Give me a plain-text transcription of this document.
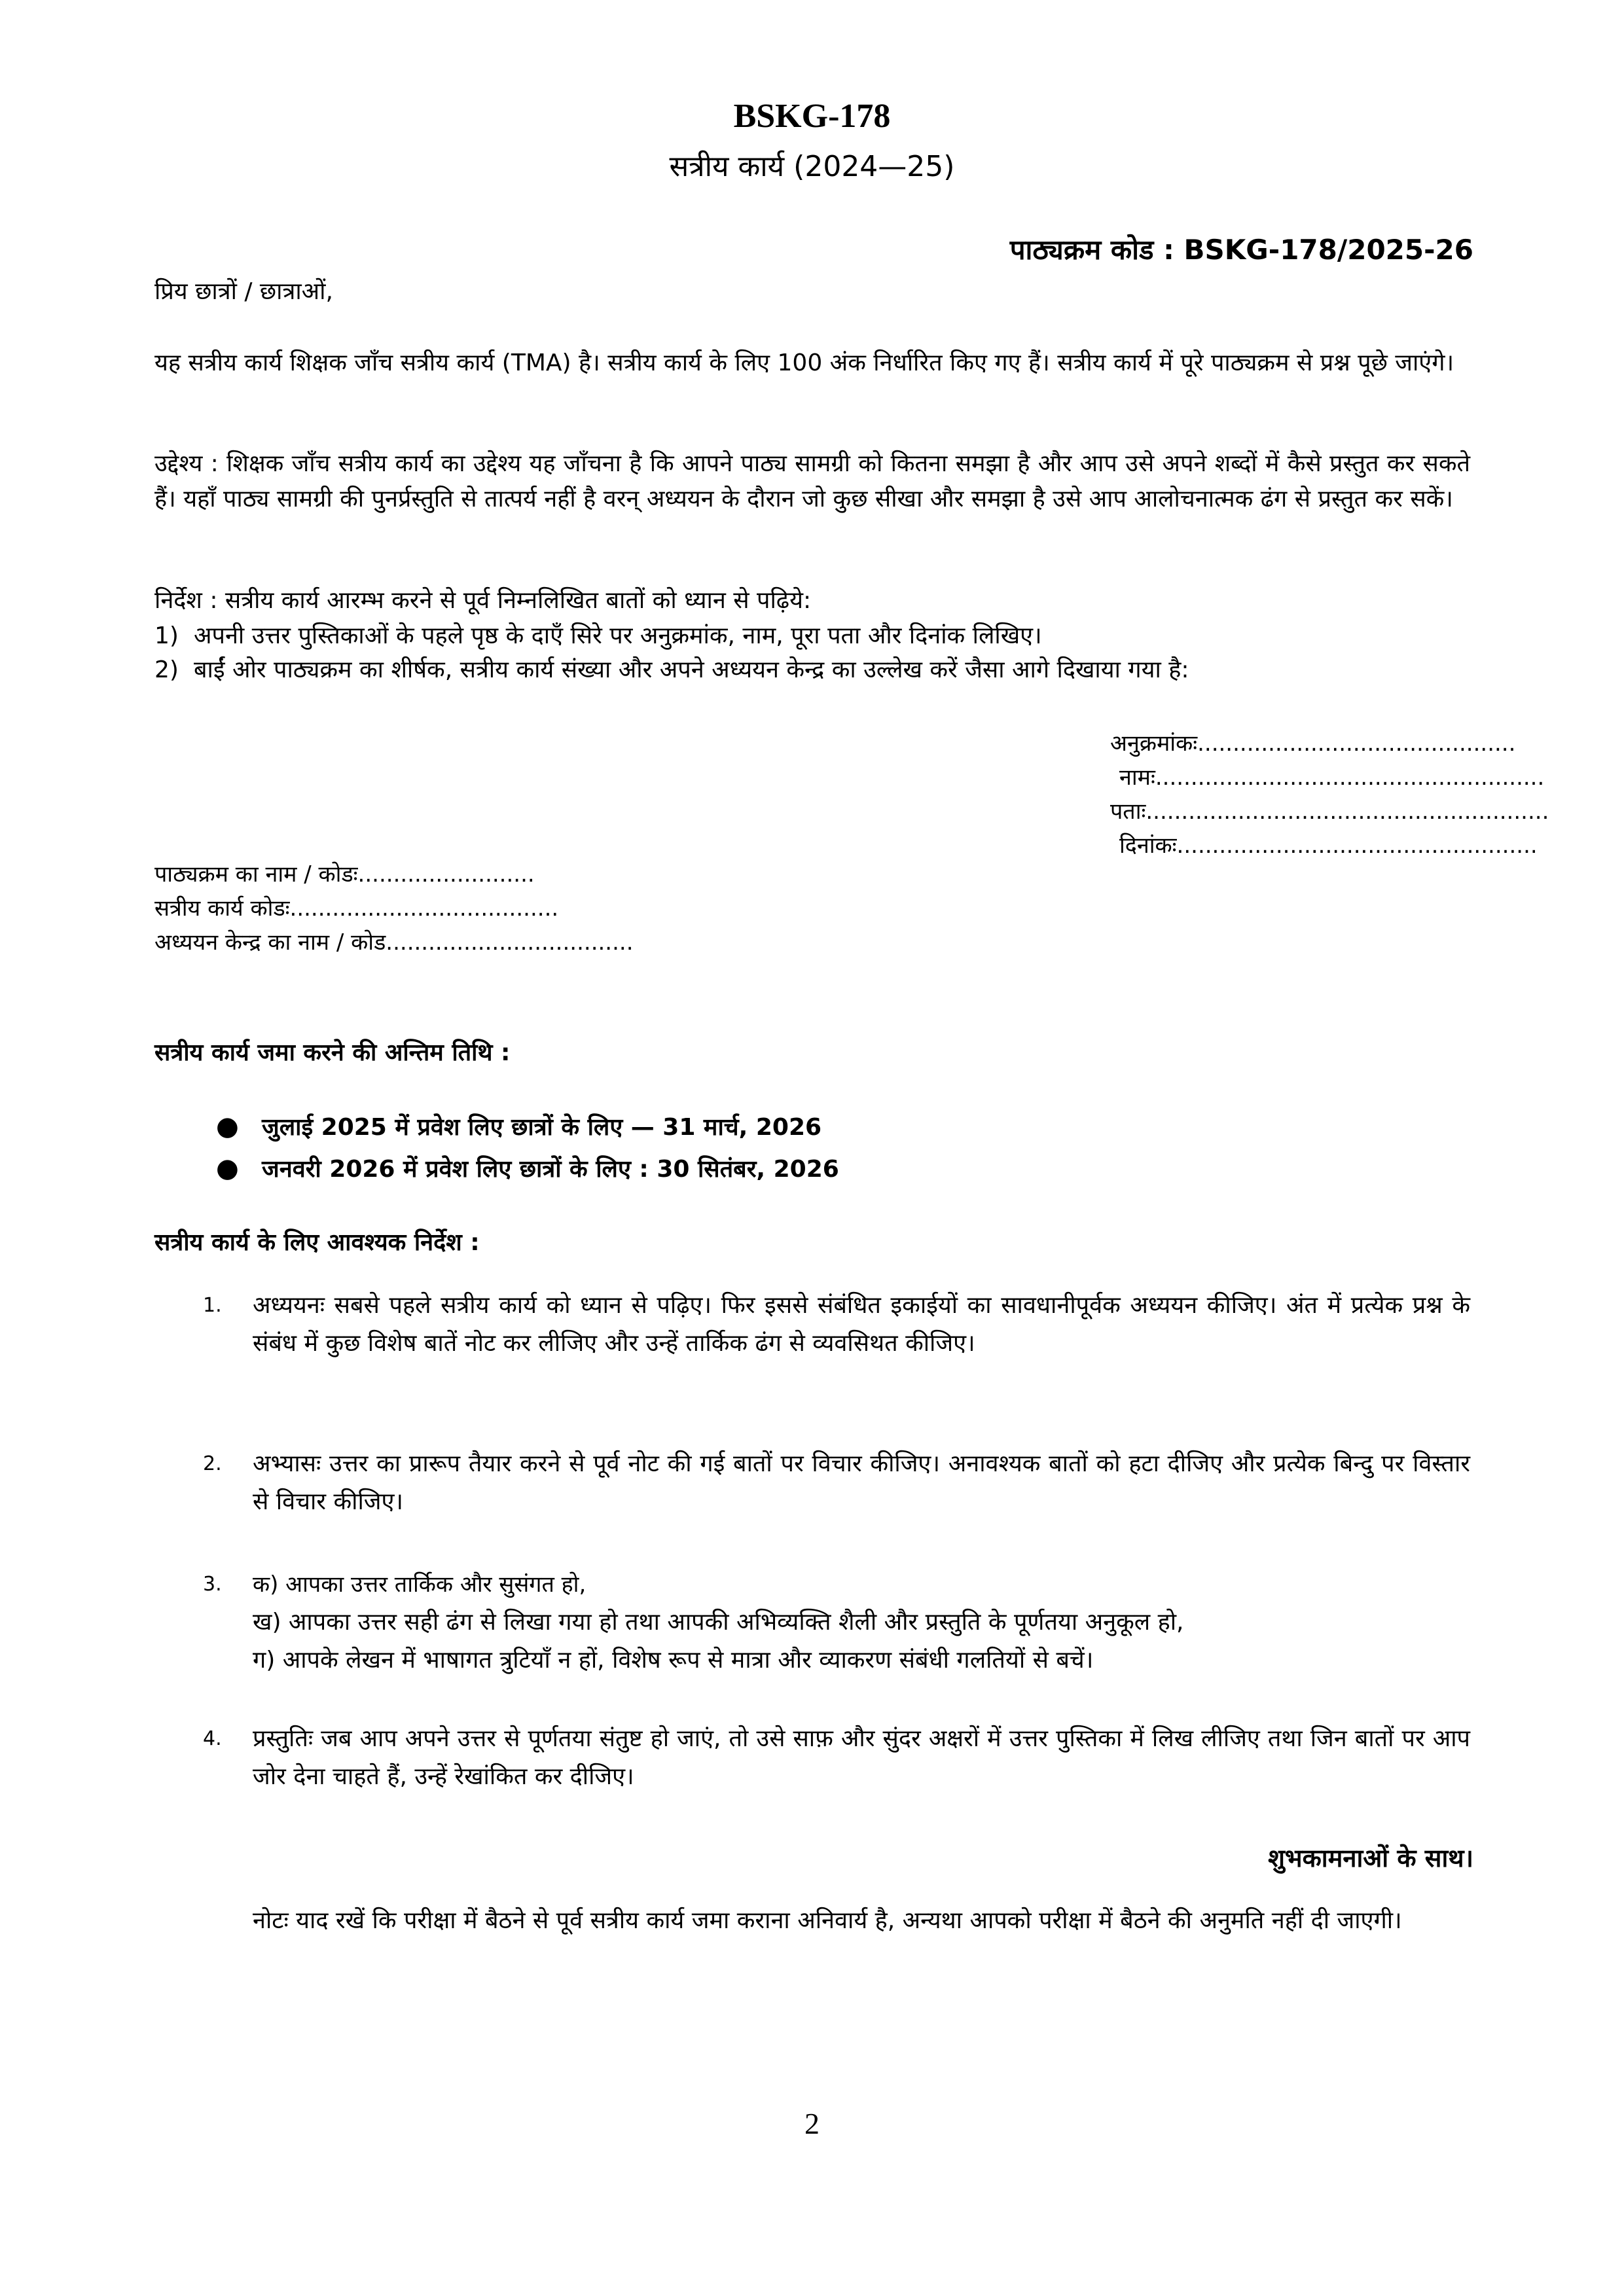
BSKG-178
सत्रीय कार्य (2024—25)
पाठ्यक्रम कोड : BSKG-178/2025-26
प्रिय छात्रों / छात्राओं,
यह सत्रीय कार्य शिक्षक जाँच सत्रीय कार्य (TMA) है। सत्रीय कार्य के लिए 100 अंक निर्धारित किए गए हैं। सत्रीय कार्य में पूरे पाठ्यक्रम से प्रश्न पूछे जाएंगे।
उद्देश्य : शिक्षक जाँच सत्रीय कार्य का उद्देश्य यह जाँचना है कि आपने पाठ्य सामग्री को कितना समझा है और आप उसे अपने शब्दों में कैसे प्रस्तुत कर सकते हैं। यहाँ पाठ्य सामग्री की पुनर्प्रस्तुति से तात्पर्य नहीं है वरन् अध्ययन के दौरान जो कुछ सीखा और समझा है उसे आप आलोचनात्मक ढंग से प्रस्तुत कर सकें।
निर्देश : सत्रीय कार्य आरम्भ करने से पूर्व निम्नलिखित बातों को ध्यान से पढ़िये:
1) अपनी उत्तर पुस्तिकाओं के पहले पृष्ठ के दाएँ सिरे पर अनुक्रमांक, नाम, पूरा पता और दिनांक लिखिए।
2) बाईं ओर पाठ्यक्रम का शीर्षक, सत्रीय कार्य संख्या और अपने अध्ययन केन्द्र का उल्लेख करें जैसा आगे दिखाया गया है:
अनुक्रमांकः.............................................
नामः.......................................................
पताः.........................................................
दिनांकः...................................................
पाठ्यक्रम का नाम / कोडः.........................
सत्रीय कार्य कोडः......................................
अध्ययन केन्द्र का नाम / कोड...................................
सत्रीय कार्य जमा करने की अन्तिम तिथि :
● जुलाई 2025 में प्रवेश लिए छात्रों के लिए — 31 मार्च, 2026
● जनवरी 2026 में प्रवेश लिए छात्रों के लिए : 30 सितंबर, 2026
सत्रीय कार्य के लिए आवश्यक निर्देश :
1. अध्ययनः सबसे पहले सत्रीय कार्य को ध्यान से पढ़िए। फिर इससे संबंधित इकाईयों का सावधानीपूर्वक अध्ययन कीजिए। अंत में प्रत्येक प्रश्न के संबंध में कुछ विशेष बातें नोट कर लीजिए और उन्हें तार्किक ढंग से व्यवसिथत कीजिए।
2. अभ्यासः उत्तर का प्रारूप तैयार करने से पूर्व नोट की गई बातों पर विचार कीजिए। अनावश्यक बातों को हटा दीजिए और प्रत्येक बिन्दु पर विस्तार से विचार कीजिए।
3. क) आपका उत्तर तार्किक और सुसंगत हो,
ख) आपका उत्तर सही ढंग से लिखा गया हो तथा आपकी अभिव्यक्ति शैली और प्रस्तुति के पूर्णतया अनुकूल हो,
ग) आपके लेखन में भाषागत त्रुटियाँ न हों, विशेष रूप से मात्रा और व्याकरण संबंधी गलतियों से बचें।
4. प्रस्तुतिः जब आप अपने उत्तर से पूर्णतया संतुष्ट हो जाएं, तो उसे साफ़ और सुंदर अक्षरों में उत्तर पुस्तिका में लिख लीजिए तथा जिन बातों पर आप जोर देना चाहते हैं, उन्हें रेखांकित कर दीजिए।
शुभकामनाओं के साथ।
नोटः याद रखें कि परीक्षा में बैठने से पूर्व सत्रीय कार्य जमा कराना अनिवार्य है, अन्यथा आपको परीक्षा में बैठने की अनुमति नहीं दी जाएगी।
2
